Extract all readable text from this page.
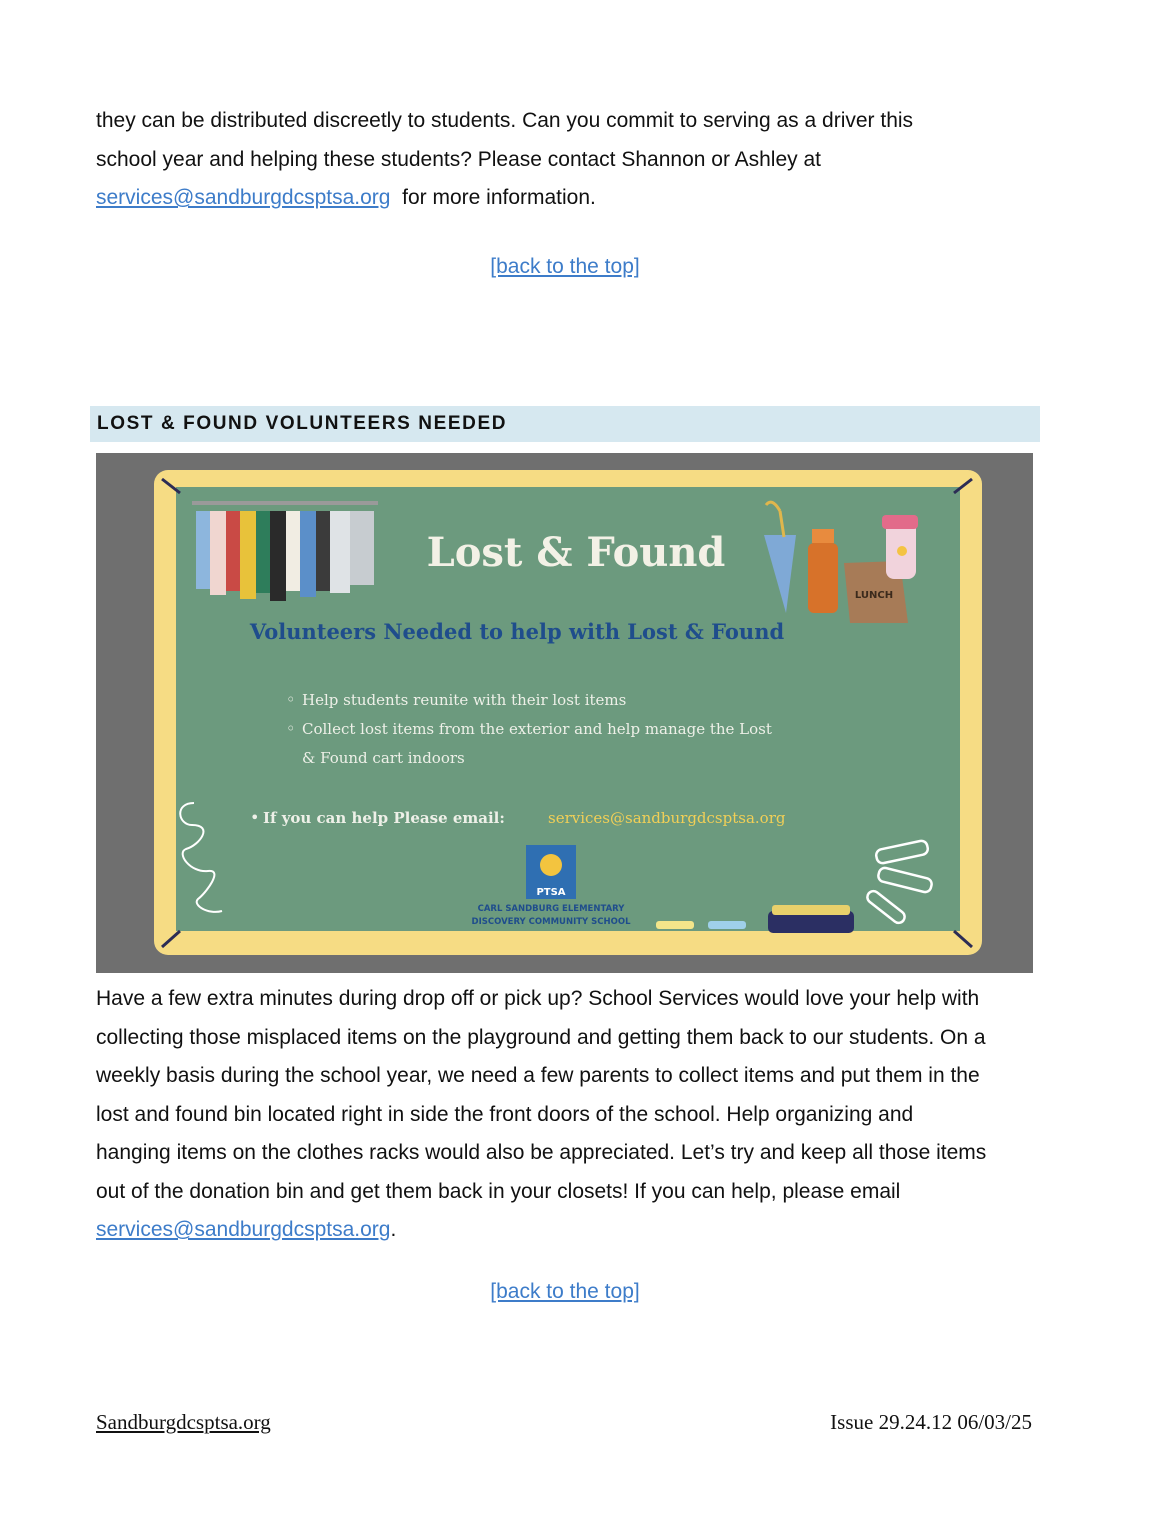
they can be distributed discreetly to students. Can you commit to serving as a driver this
school year and helping these students? Please contact Shannon or Ashley at
services@sandburgdcsptsa.org  for more information.
[back to the top]
LOST & FOUND VOLUNTEERS NEEDED
Lost & Found
LUNCH
Volunteers Needed to help with Lost & Found
◦ Help students reunite with their lost items
◦ Collect lost items from the exterior and help manage the Lost
& Found cart indoors
• If you can help Please email:	services@sandburgdcsptsa.org
PTSA
CARL SANDBURG ELEMENTARY
DISCOVERY COMMUNITY SCHOOL
Have a few extra minutes during drop off or pick up? School Services would love your help with
collecting those misplaced items on the playground and getting them back to our students. On a
weekly basis during the school year, we need a few parents to collect items and put them in the
lost and found bin located right in side the front doors of the school. Help organizing and
hanging items on the clothes racks would also be appreciated. Let’s try and keep all those items
out of the donation bin and get them back in your closets! If you can help, please email
services@sandburgdcsptsa.org.
[back to the top]
Sandburgdcsptsa.org	Issue 29.24.12 06/03/25
